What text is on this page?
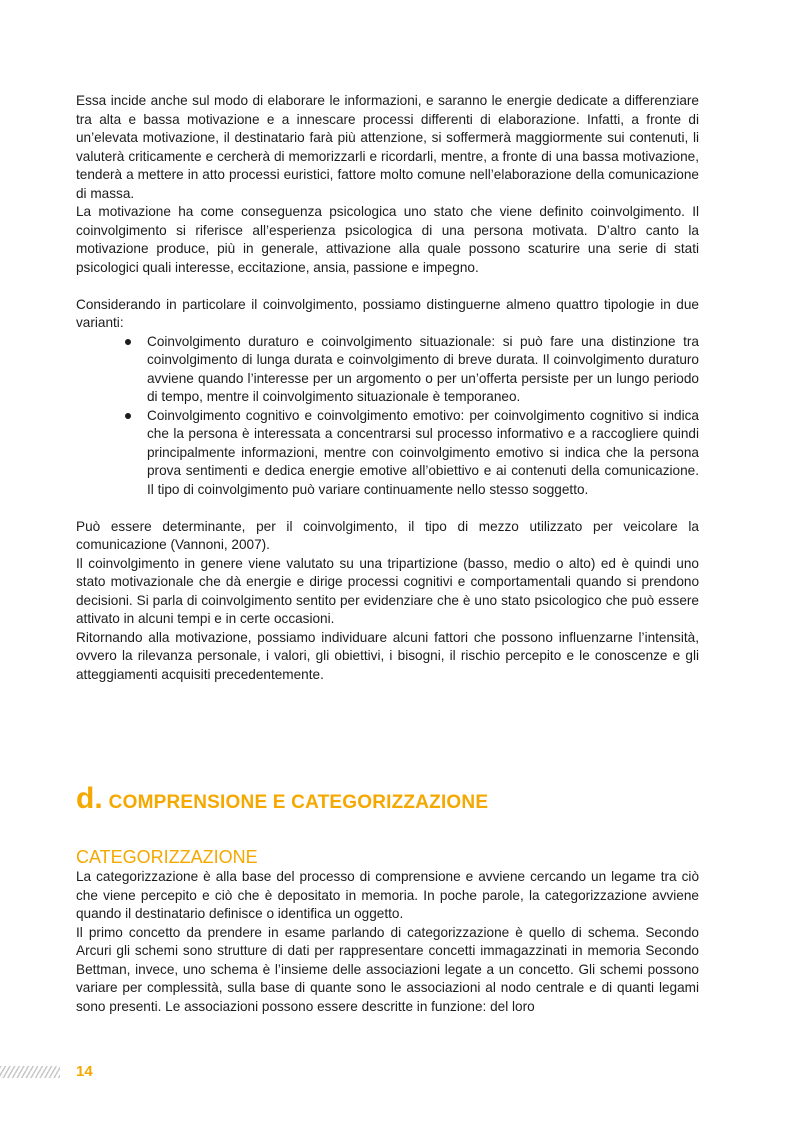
Essa incide anche sul modo di elaborare le informazioni, e saranno le energie dedicate a differenziare tra alta e bassa motivazione e a innescare processi differenti di elaborazione. Infatti, a fronte di un’elevata motivazione, il destinatario farà più attenzione, si soffermerà maggiormente sui contenuti, li valuterà criticamente e cercherà di memorizzarli e ricordarli, mentre, a fronte di una bassa motivazione, tenderà a mettere in atto processi euristici, fattore molto comune nell’elaborazione della comunicazione di massa.

La motivazione ha come conseguenza psicologica uno stato che viene definito coinvolgimento. Il coinvolgimento si riferisce all’esperienza psicologica di una persona motivata. D’altro canto la motivazione produce, più in generale, attivazione alla quale possono scaturire una serie di stati psicologici quali interesse, eccitazione, ansia, passione e impegno.

Considerando in particolare il coinvolgimento, possiamo distinguerne almeno quattro tipologie in due varianti:

Coinvolgimento duraturo e coinvolgimento situazionale: si può fare una distinzione tra coinvolgimento di lunga durata e coinvolgimento di breve durata. Il coinvolgimento duraturo avviene quando l’interesse per un argomento o per un’offerta persiste per un lungo periodo di tempo, mentre il coinvolgimento situazionale è temporaneo.
Coinvolgimento cognitivo e coinvolgimento emotivo: per coinvolgimento cognitivo si indica che la persona è interessata a concentrarsi sul processo informativo e a raccogliere quindi principalmente informazioni, mentre con coinvolgimento emotivo si indica che la persona prova sentimenti e dedica energie emotive all’obiettivo e ai contenuti della comunicazione. Il tipo di coinvolgimento può variare continuamente nello stesso soggetto.

Può essere determinante, per il coinvolgimento, il tipo di mezzo utilizzato per veicolare la comunicazione (Vannoni, 2007).

Il coinvolgimento in genere viene valutato su una tripartizione (basso, medio o alto) ed è quindi uno stato motivazionale che dà energie e dirige processi cognitivi e comportamentali quando si prendono decisioni. Si parla di coinvolgimento sentito per evidenziare che è uno stato psicologico che può essere attivato in alcuni tempi e in certe occasioni.

Ritornando alla motivazione, possiamo individuare alcuni fattori che possono influenzarne l’intensità, ovvero la rilevanza personale, i valori, gli obiettivi, i bisogni, il rischio percepito e le conoscenze e gli atteggiamenti acquisiti precedentemente.

d. COMPRENSIONE E CATEGORIZZAZIONE
CATEGORIZZAZIONE

La categorizzazione è alla base del processo di comprensione e avviene cercando un legame tra ciò che viene percepito e ciò che è depositato in memoria. In poche parole, la categorizzazione avviene quando il destinatario definisce o identifica un oggetto.

Il primo concetto da prendere in esame parlando di categorizzazione è quello di schema. Secondo Arcuri gli schemi sono strutture di dati per rappresentare concetti immagazzinati in memoria Secondo Bettman, invece, uno schema è l’insieme delle associazioni legate a un concetto. Gli schemi possono variare per complessità, sulla base di quante sono le associazioni al nodo centrale e di quanti legami sono presenti. Le associazioni possono essere descritte in funzione: del loro

14
